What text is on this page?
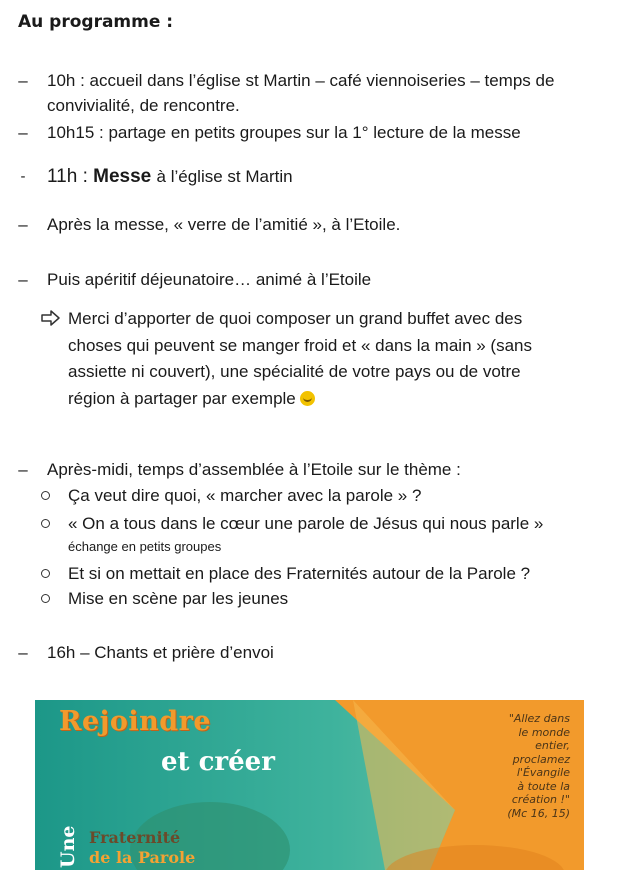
Au programme :
– 10h : accueil dans l’église st Martin – café viennoiseries – temps de convivialité, de rencontre.
– 10h15 : partage en petits groupes sur la 1° lecture de la messe
-	11h : Messe à l’église st Martin
– Après la messe, « verre de l’amitié », à l’Etoile.
– Puis apéritif déjeunatoire… animé à l’Etoile
Merci d’apporter de quoi composer un grand buffet avec des choses qui peuvent se manger froid et « dans la main » (sans assiette ni couvert), une spécialité de votre pays ou de votre région à partager par exemple
– Après-midi, temps d’assemblée à l’Etoile sur le thème :
Ça veut dire quoi, « marcher avec la parole » ?
« On a tous dans le cœur une parole de Jésus qui nous parle »
échange en petits groupes
Et si on mettait en place des Fraternités autour de la Parole ?
Mise en scène par les jeunes
– 16h – Chants et prière d’envoi
Rejoindre
et créer
Une Fraternité
de la Parole
"Allez dans
le monde
entier,
proclamez
l'Évangile
à toute la
création !"
(Mc 16, 15)
